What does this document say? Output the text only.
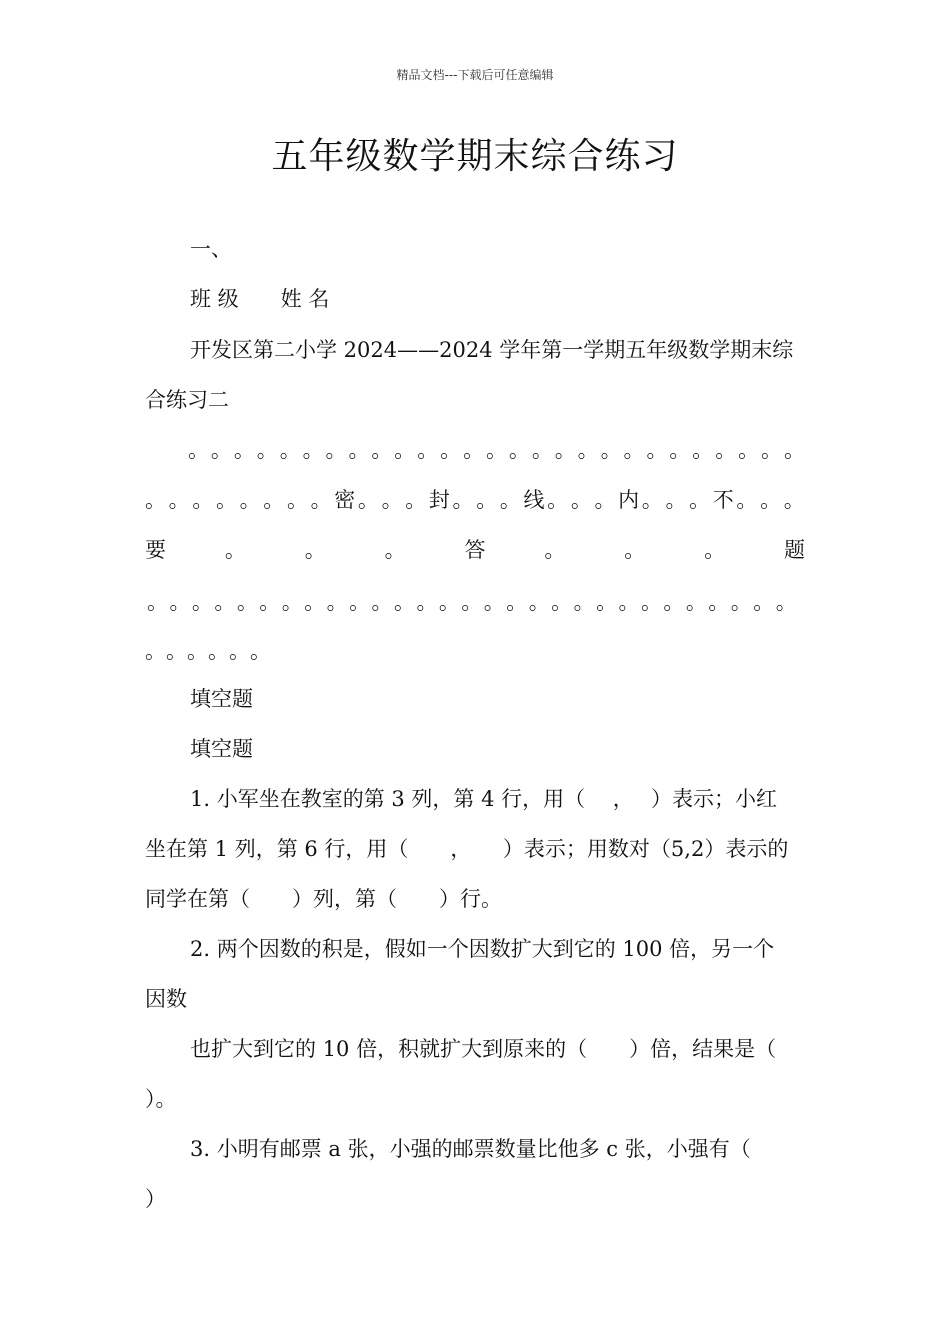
精品文档---下载后可任意编辑
五年级数学期末综合练习
一、
班 级　　姓 名
开发区第二小学 2024——2024 学年第一学期五年级数学期末综
合练习二
。 。 。 。 。 。 。 。 。 。 。 。 。 。 。 。 。 。 。 。 。 。 。 。 。 。 。
。 。 。 。 。 。 。 。 密 。 。 。 封 。 。 。 线 。 。 。 内 。 。 。 不 。 。 。
要	。	。	。	答	。	。	。	题
。 。 。 。 。 。 。 。 。 。 。 。 。 。 。 。 。 。 。 。 。 。 。 。 。 。 。 。 。
。 。 。 。 。 。
填空题
填空题
1. 小军坐在教室的第 3 列，第 4 行，用（　 ，　 ）表示；小红
坐在第 1 列，第 6 行，用（　　，　　）表示；用数对（5,2）表示的
同学在第（　　）列，第（　　）行。
2. 两个因数的积是，假如一个因数扩大到它的 100 倍，另一个
因数
也扩大到它的 10 倍，积就扩大到原来的（　　）倍，结果是（
）。
3. 小明有邮票 a 张，小强的邮票数量比他多 c 张，小强有（
）
